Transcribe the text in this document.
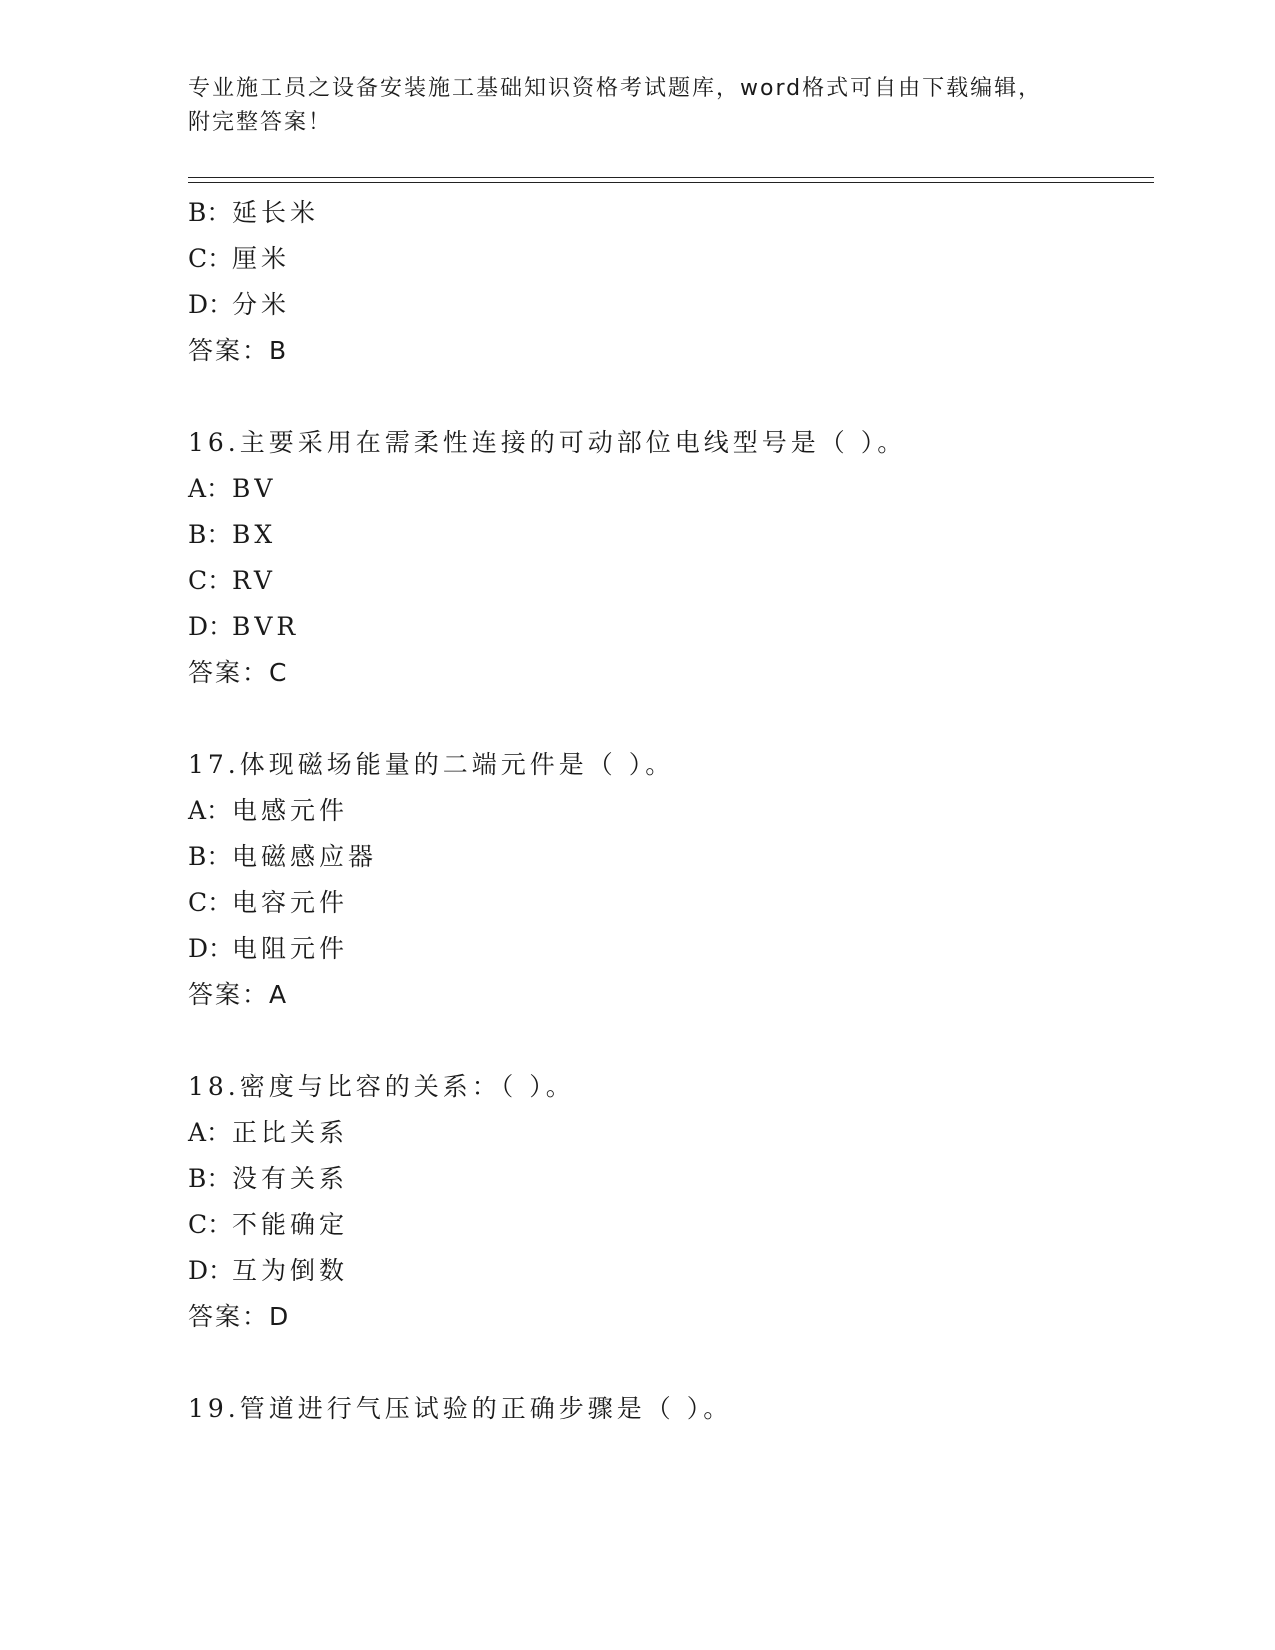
专业施工员之设备安装施工基础知识资格考试题库，word格式可自由下载编辑，
附完整答案！
B：延长米
C：厘米
D：分米
答案：B
16.主要采用在需柔性连接的可动部位电线型号是（ ）。
A：BV
B：BX
C：RV
D：BVR
答案：C
17.体现磁场能量的二端元件是（ ）。
A：电感元件
B：电磁感应器
C：电容元件
D：电阻元件
答案：A
18.密度与比容的关系：（ ）。
A：正比关系
B：没有关系
C：不能确定
D：互为倒数
答案：D
19.管道进行气压试验的正确步骤是（ ）。
